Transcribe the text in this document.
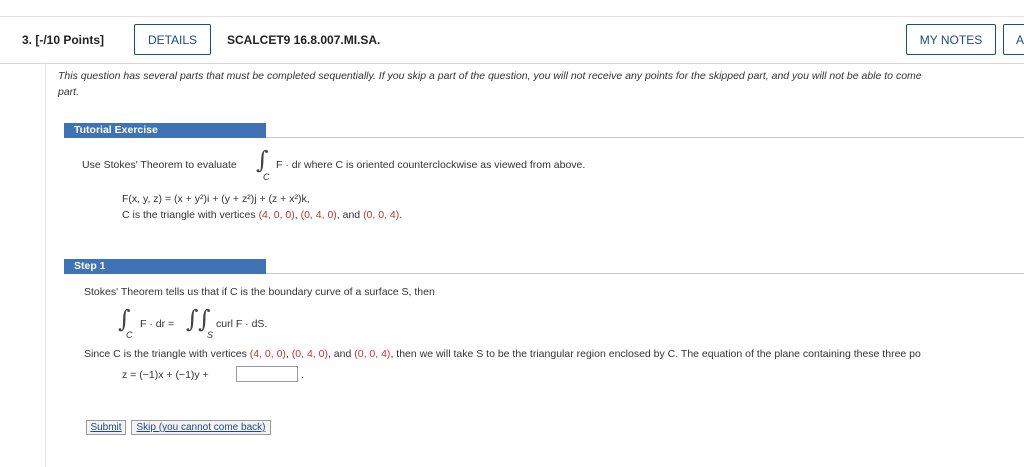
3. [-/10 Points]	DETAILS	SCALCET9 16.8.007.MI.SA.	MY NOTES	A
This question has several parts that must be completed sequentially. If you skip a part of the question, you will not receive any points for the skipped part, and you will not be able to come
part.
Tutorial Exercise
Use Stokes' Theorem to evaluate ∫
C
F · dr where C is oriented counterclockwise as viewed from above.
F(x, y, z) = (x + y²)i + (y + z²)j + (z + x²)k,
C is the triangle with vertices (4, 0, 0), (0, 4, 0), and (0, 0, 4).
Step 1
Stokes' Theorem tells us that if C is the boundary curve of a surface S, then
∫
C
F · dr = ∫ ∫
S
curl F · dS.
Since C is the triangle with vertices (4, 0, 0), (0, 4, 0), and (0, 0, 4), then we will take S to be the triangular region enclosed by C. The equation of the plane containing these three po
z = (−1)x + (−1)y +	.
Submit	Skip (you cannot come back)
